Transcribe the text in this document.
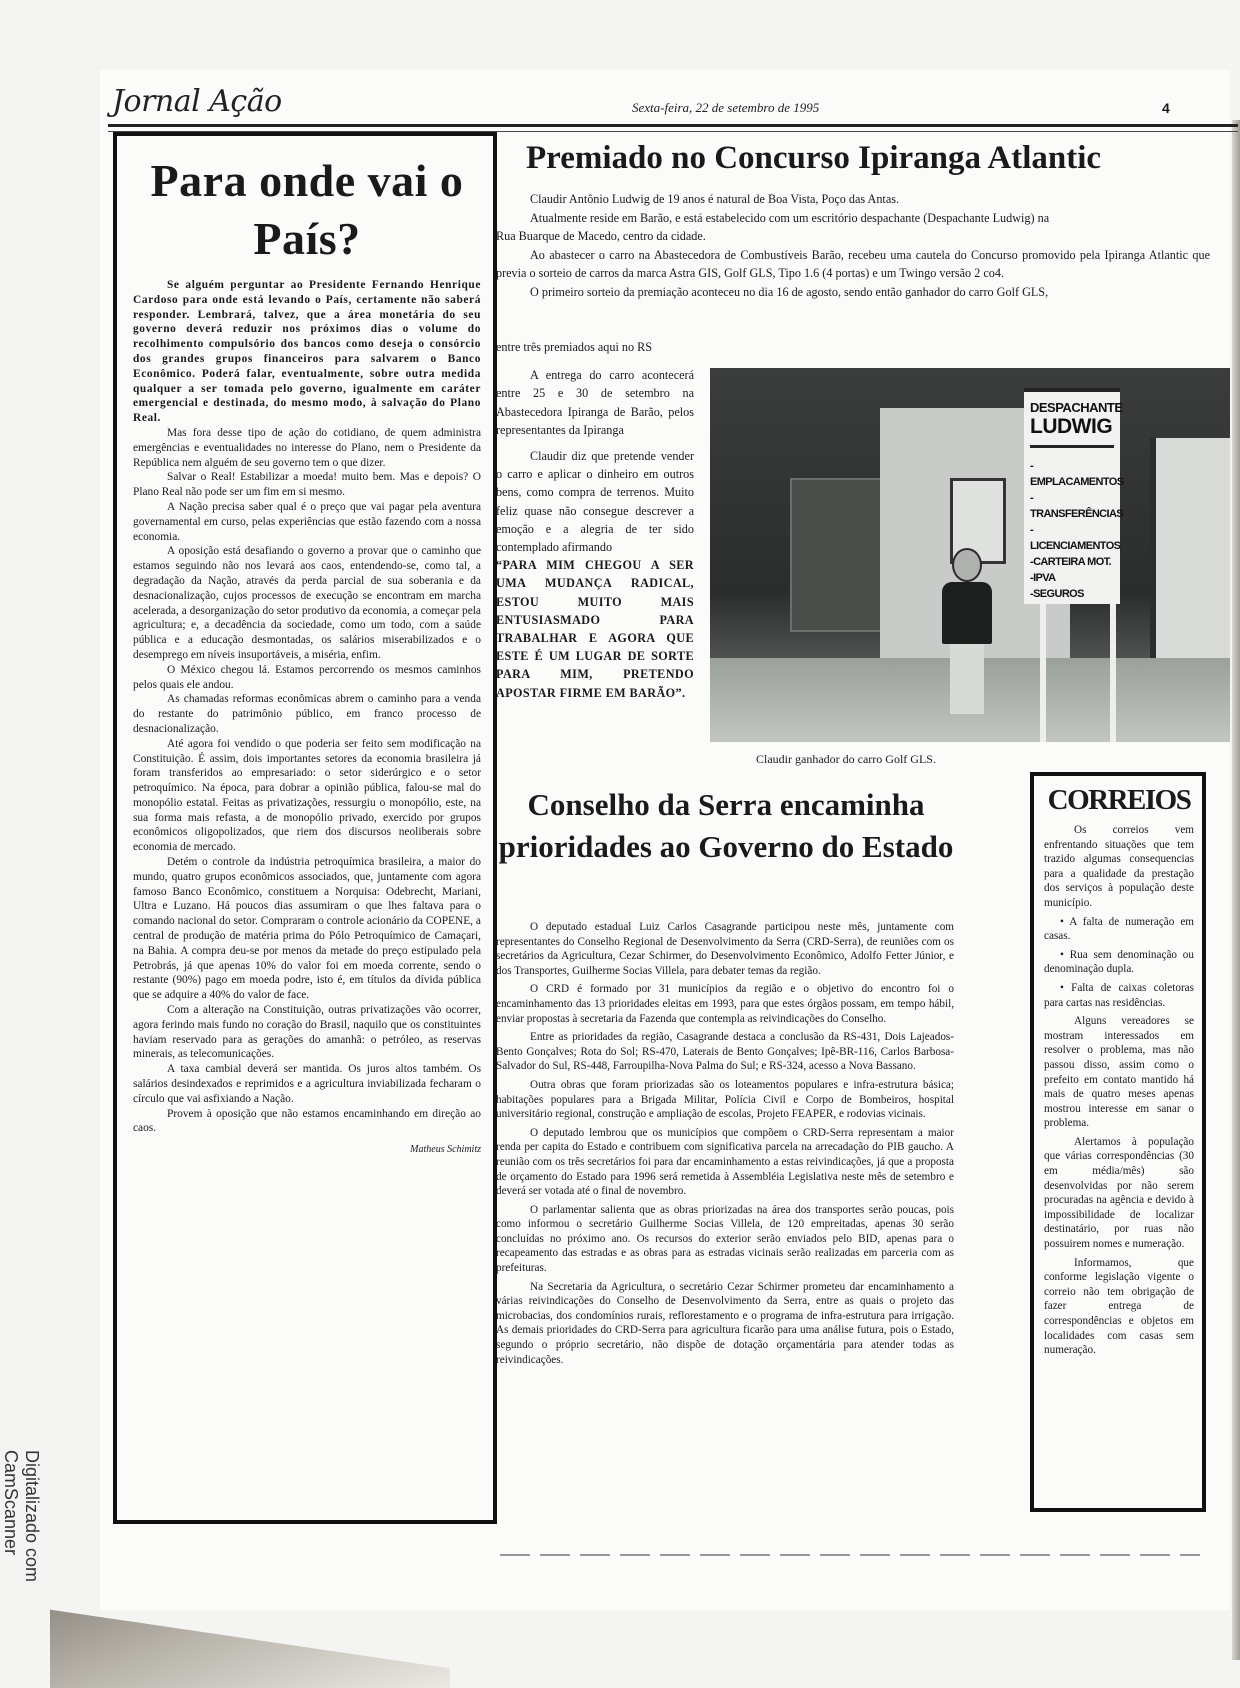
Jornal Ação	Sexta-feira, 22 de setembro de 1995	4
Para onde vai o País?

Se alguém perguntar ao Presidente Fernando Henrique Cardoso para onde está levando o País, certamente não saberá responder. Lembrará, talvez, que a área monetária do seu governo deverá reduzir nos próximos dias o volume do recolhimento compulsório dos bancos como deseja o consórcio dos grandes grupos financeiros para salvarem o Banco Econômico. Poderá falar, eventualmente, sobre outra medida qualquer a ser tomada pelo governo, igualmente em caráter emergencial e destinada, do mesmo modo, à salvação do Plano Real.

Mas fora desse tipo de ação do cotidiano, de quem administra emergências e eventualidades no interesse do Plano, nem o Presidente da República nem alguém de seu governo tem o que dizer.

Salvar o Real! Estabilizar a moeda! muito bem. Mas e depois? O Plano Real não pode ser um fim em si mesmo.

A Nação precisa saber qual é o preço que vai pagar pela aventura governamental em curso, pelas experiências que estão fazendo com a nossa economia.

A oposição está desafiando o governo a provar que o caminho que estamos seguindo não nos levará aos caos, entendendo-se, como tal, a degradação da Nação, através da perda parcial de sua soberania e da desnacionalização, cujos processos de execução se encontram em marcha acelerada, a desorganização do setor produtivo da economia, a começar pela agricultura; e, a decadência da sociedade, como um todo, com a saúde pública e a educação desmontadas, os salários miserabilizados e o desemprego em níveis insuportáveis, a miséria, enfim.

O México chegou lá. Estamos percorrendo os mesmos caminhos pelos quais ele andou.

As chamadas reformas econômicas abrem o caminho para a venda do restante do patrimônio público, em franco processo de desnacionalização.

Até agora foi vendido o que poderia ser feito sem modificação na Constituição. É assim, dois importantes setores da economia brasileira já foram transferidos ao empresariado: o setor siderúrgico e o setor petroquímico. Na época, para dobrar a opinião pública, falou-se mal do monopólio estatal. Feitas as privatizações, ressurgiu o monopólio, este, na sua forma mais refasta, a de monopólio privado, exercido por grupos econômicos oligopolizados, que riem dos discursos neoliberais sobre economia de mercado.

Detém o controle da indústria petroquímica brasileira, a maior do mundo, quatro grupos econômicos associados, que, juntamente com agora famoso Banco Econômico, constituem a Norquisa: Odebrecht, Mariani, Ultra e Luzano. Há poucos dias assumiram o que lhes faltava para o comando nacional do setor. Compraram o controle acionário da COPENE, a central de produção de matéria prima do Pólo Petroquímico de Camaçari, na Bahia. A compra deu-se por menos da metade do preço estipulado pela Petrobrás, já que apenas 10% do valor foi em moeda corrente, sendo o restante (90%) pago em moeda podre, isto é, em títulos da dívida pública que se adquire a 40% do valor de face.

Com a alteração na Constituição, outras privatizações vão ocorrer, agora ferindo mais fundo no coração do Brasil, naquilo que os constituintes haviam reservado para as gerações do amanhã: o petróleo, as reservas minerais, as telecomunicações.

A taxa cambial deverá ser mantida. Os juros altos também. Os salários desindexados e reprimidos e a agricultura inviabilizada fecharam o círculo que vai asfixiando a Nação.

Provem à oposição que não estamos encaminhando em direção ao caos.

Matheus Schimitz
Premiado no Concurso Ipiranga Atlantic

Claudir Antônio Ludwig de 19 anos é natural de Boa Vista, Poço das Antas.

Atualmente reside em Barão, e está estabelecido com um escritório despachante (Despachante Ludwig) na

Rua Buarque de Macedo, centro da cidade.

Ao abastecer o carro na Abastecedora de Combustíveis Barão, recebeu uma cautela do Concurso promovido pela Ipiranga Atlantic que previa o sorteio de carros da marca Astra GIS, Golf GLS, Tipo 1.6 (4 portas) e um Twingo versão 2 co4.

O primeiro sorteio da premiação aconteceu no dia 16 de agosto, sendo então ganhador do carro Golf GLS,

entre três premiados aqui no RS

A entrega do carro acontecerá entre 25 e 30 de setembro na Abastecedora Ipiranga de Barão, pelos representantes da Ipiranga

Claudir diz que pretende vender o carro e aplicar o dinheiro em outros bens, como compra de terrenos. Muito feliz quase não consegue descrever a emoção e a alegria de ter sido contemplado afirmando

“PARA MIM CHEGOU A SER UMA MUDANÇA RADICAL, ESTOU MUITO MAIS ENTUSIASMADO PARA TRABALHAR E AGORA QUE ESTE É UM LUGAR DE SORTE PARA MIM, PRETENDO APOSTAR FIRME EM BARÃO”.

DESPACHANTE
LUDWIG
-EMPLACAMENTOS
-TRANSFERÊNCIAS
-LICENCIAMENTOS
-CARTEIRA MOT.
-IPVA
-SEGUROS
Claudir ganhador do carro Golf GLS.
Conselho da Serra encaminha prioridades ao Governo do Estado

O deputado estadual Luiz Carlos Casagrande participou neste mês, juntamente com representantes do Conselho Regional de Desenvolvimento da Serra (CRD-Serra), de reuniões com os secretários da Agricultura, Cezar Schirmer, do Desenvolvimento Econômico, Adolfo Fetter Júnior, e dos Transportes, Guilherme Socias Villela, para debater temas da região.

O CRD é formado por 31 municípios da região e o objetivo do encontro foi o encaminhamento das 13 prioridades eleitas em 1993, para que estes órgãos possam, em tempo hábil, enviar propostas à secretaria da Fazenda que contempla as reivindicações do Conselho.

Entre as prioridades da região, Casagrande destaca a conclusão da RS-431, Dois Lajeados-Bento Gonçalves; Rota do Sol; RS-470, Laterais de Bento Gonçalves; Ipê-BR-116, Carlos Barbosa-Salvador do Sul, RS-448, Farroupilha-Nova Palma do Sul; e RS-324, acesso a Nova Bassano.

Outra obras que foram priorizadas são os loteamentos populares e infra-estrutura básica; habitações populares para a Brigada Militar, Polícia Civil e Corpo de Bombeiros, hospital universitário regional, construção e ampliação de escolas, Projeto FEAPER, e rodovias vicinais.

O deputado lembrou que os municípios que compõem o CRD-Serra representam a maior renda per capita do Estado e contribuem com significativa parcela na arrecadação do PIB gaucho. A reunião com os três secretários foi para dar encaminhamento a estas reivindicações, já que a proposta de orçamento do Estado para 1996 será remetida à Assembléia Legislativa neste mês de setembro e deverá ser votada até o final de novembro.

O parlamentar salienta que as obras priorizadas na área dos transportes serão poucas, pois como informou o secretário Guilherme Socias Villela, de 120 empreitadas, apenas 30 serão concluídas no próximo ano. Os recursos do exterior serão enviados pelo BID, apenas para o recapeamento das estradas e as obras para as estradas vicinais serão realizadas em parceria com as prefeituras.

Na Secretaria da Agricultura, o secretário Cezar Schirmer prometeu dar encaminhamento a várias reivindicações do Conselho de Desenvolvimento da Serra, entre as quais o projeto das microbacias, dos condomínios rurais, reflorestamento e o programa de infra-estrutura para irrigação. As demais prioridades do CRD-Serra para agricultura ficarão para uma análise futura, pois o Estado, segundo o próprio secretário, não dispõe de dotação orçamentária para atender todas as reivindicações.

CORREIOS

Os correios vem enfrentando situações que tem trazido algumas consequencias para a qualidade da prestação dos serviços à população deste município.

• A falta de numeração em casas.

• Rua sem denominação ou denominação dupla.

• Falta de caixas coletoras para cartas nas residências.

Alguns vereadores se mostram interessados em resolver o problema, mas não passou disso, assim como o prefeito em contato mantido há mais de quatro meses apenas mostrou interesse em sanar o problema.

Alertamos à população que várias correspondências (30 em média/mês) são desenvolvidas por não serem procuradas na agência e devido à impossibilidade de localizar destinatário, por ruas não possuirem nomes e numeração.

Informamos, que conforme legislação vigente o correio não tem obrigação de fazer entrega de correspondências e objetos em localidades com casas sem numeração.

Digitalizado com CamScanner
